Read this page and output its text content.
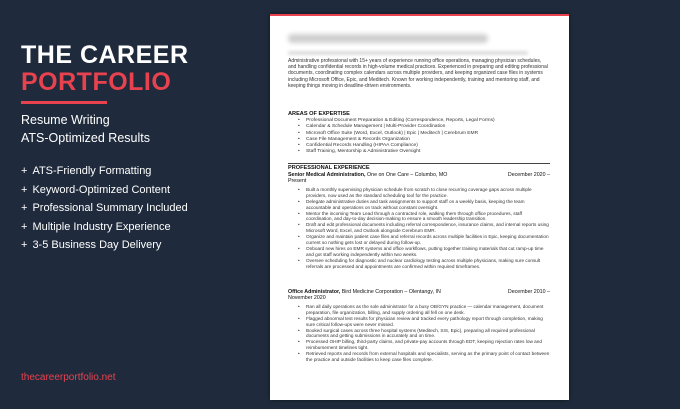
THE CAREER
PORTFOLIO
Resume Writing
ATS-Optimized Results
+ ATS-Friendly Formatting
+ Keyword-Optimized Content
+ Professional Summary Included
+ Multiple Industry Experience
+ 3-5 Business Day Delivery
thecareerportfolio.net
Administrative professional with 15+ years of experience running office operations, managing physician schedules, and handling confidential records in high-volume medical practices. Experienced in preparing and editing professional documents, coordinating complex calendars across multiple providers, and keeping organized case files in systems including Microsoft Office, Epic, and Meditech. Known for working independently, training and mentoring staff, and keeping things moving in deadline-driven environments.
AREAS OF EXPERTISE
• Professional Document Preparation & Editing (Correspondence, Reports, Legal Forms)
• Calendar & Schedule Management | Multi-Provider Coordination
• Microsoft Office Suite (Word, Excel, Outlook) | Epic | Meditech | Cerebrum EMR
• Case File Management & Records Organization
• Confidential Records Handling (HIPAA Compliance)
• Staff Training, Mentorship & Administrative Oversight
PROFESSIONAL EXPERIENCE
December 2020 –
Senior Medical Administration, One on One Care – Columbo, MO
Present
• Built a monthly supervising physician schedule from scratch to close recurring coverage gaps across multiple providers, now used as the standard scheduling tool for the practice.
• Delegate administrative duties and task assignments to support staff on a weekly basis, keeping the team accountable and operations on track without constant oversight.
• Mentor the incoming Team Lead through a contracted role, walking them through office procedures, staff coordination, and day-to-day decision-making to ensure a smooth leadership transition.
• Draft and edit professional documents including referral correspondence, insurance claims, and internal reports using Microsoft Word, Excel, and Outlook alongside Cerebrum EMR.
• Organize and maintain patient case files and referral records across multiple facilities in Epic, keeping documentation current so nothing gets lost or delayed during follow-up.
• Onboard new hires on EMR systems and office workflows, putting together training materials that cut ramp-up time and got staff working independently within two weeks.
• Oversee scheduling for diagnostic and nuclear cardiology testing across multiple physicians, making sure consult referrals are processed and appointments are confirmed within required timeframes.
December 2010 –
Office Administrator, Bird Medicine Corporation – Olentangy, IN
November 2020
• Ran all daily operations as the sole administrator for a busy OB/GYN practice — calendar management, document preparation, file organization, billing, and supply ordering all fell on one desk.
• Flagged abnormal test results for physician review and tracked every pathology report through completion, making sure critical follow-ups were never missed.
• Booked surgical cases across three hospital systems (Meditech, SIS, Epic), preparing all required professional documents and getting submissions in accurately and on time.
• Processed OHIP billing, third-party claims, and private-pay accounts through EDT, keeping rejection rates low and reimbursement timelines tight.
• Retrieved reports and records from external hospitals and specialists, serving as the primary point of contact between the practice and outside facilities to keep case files complete.
